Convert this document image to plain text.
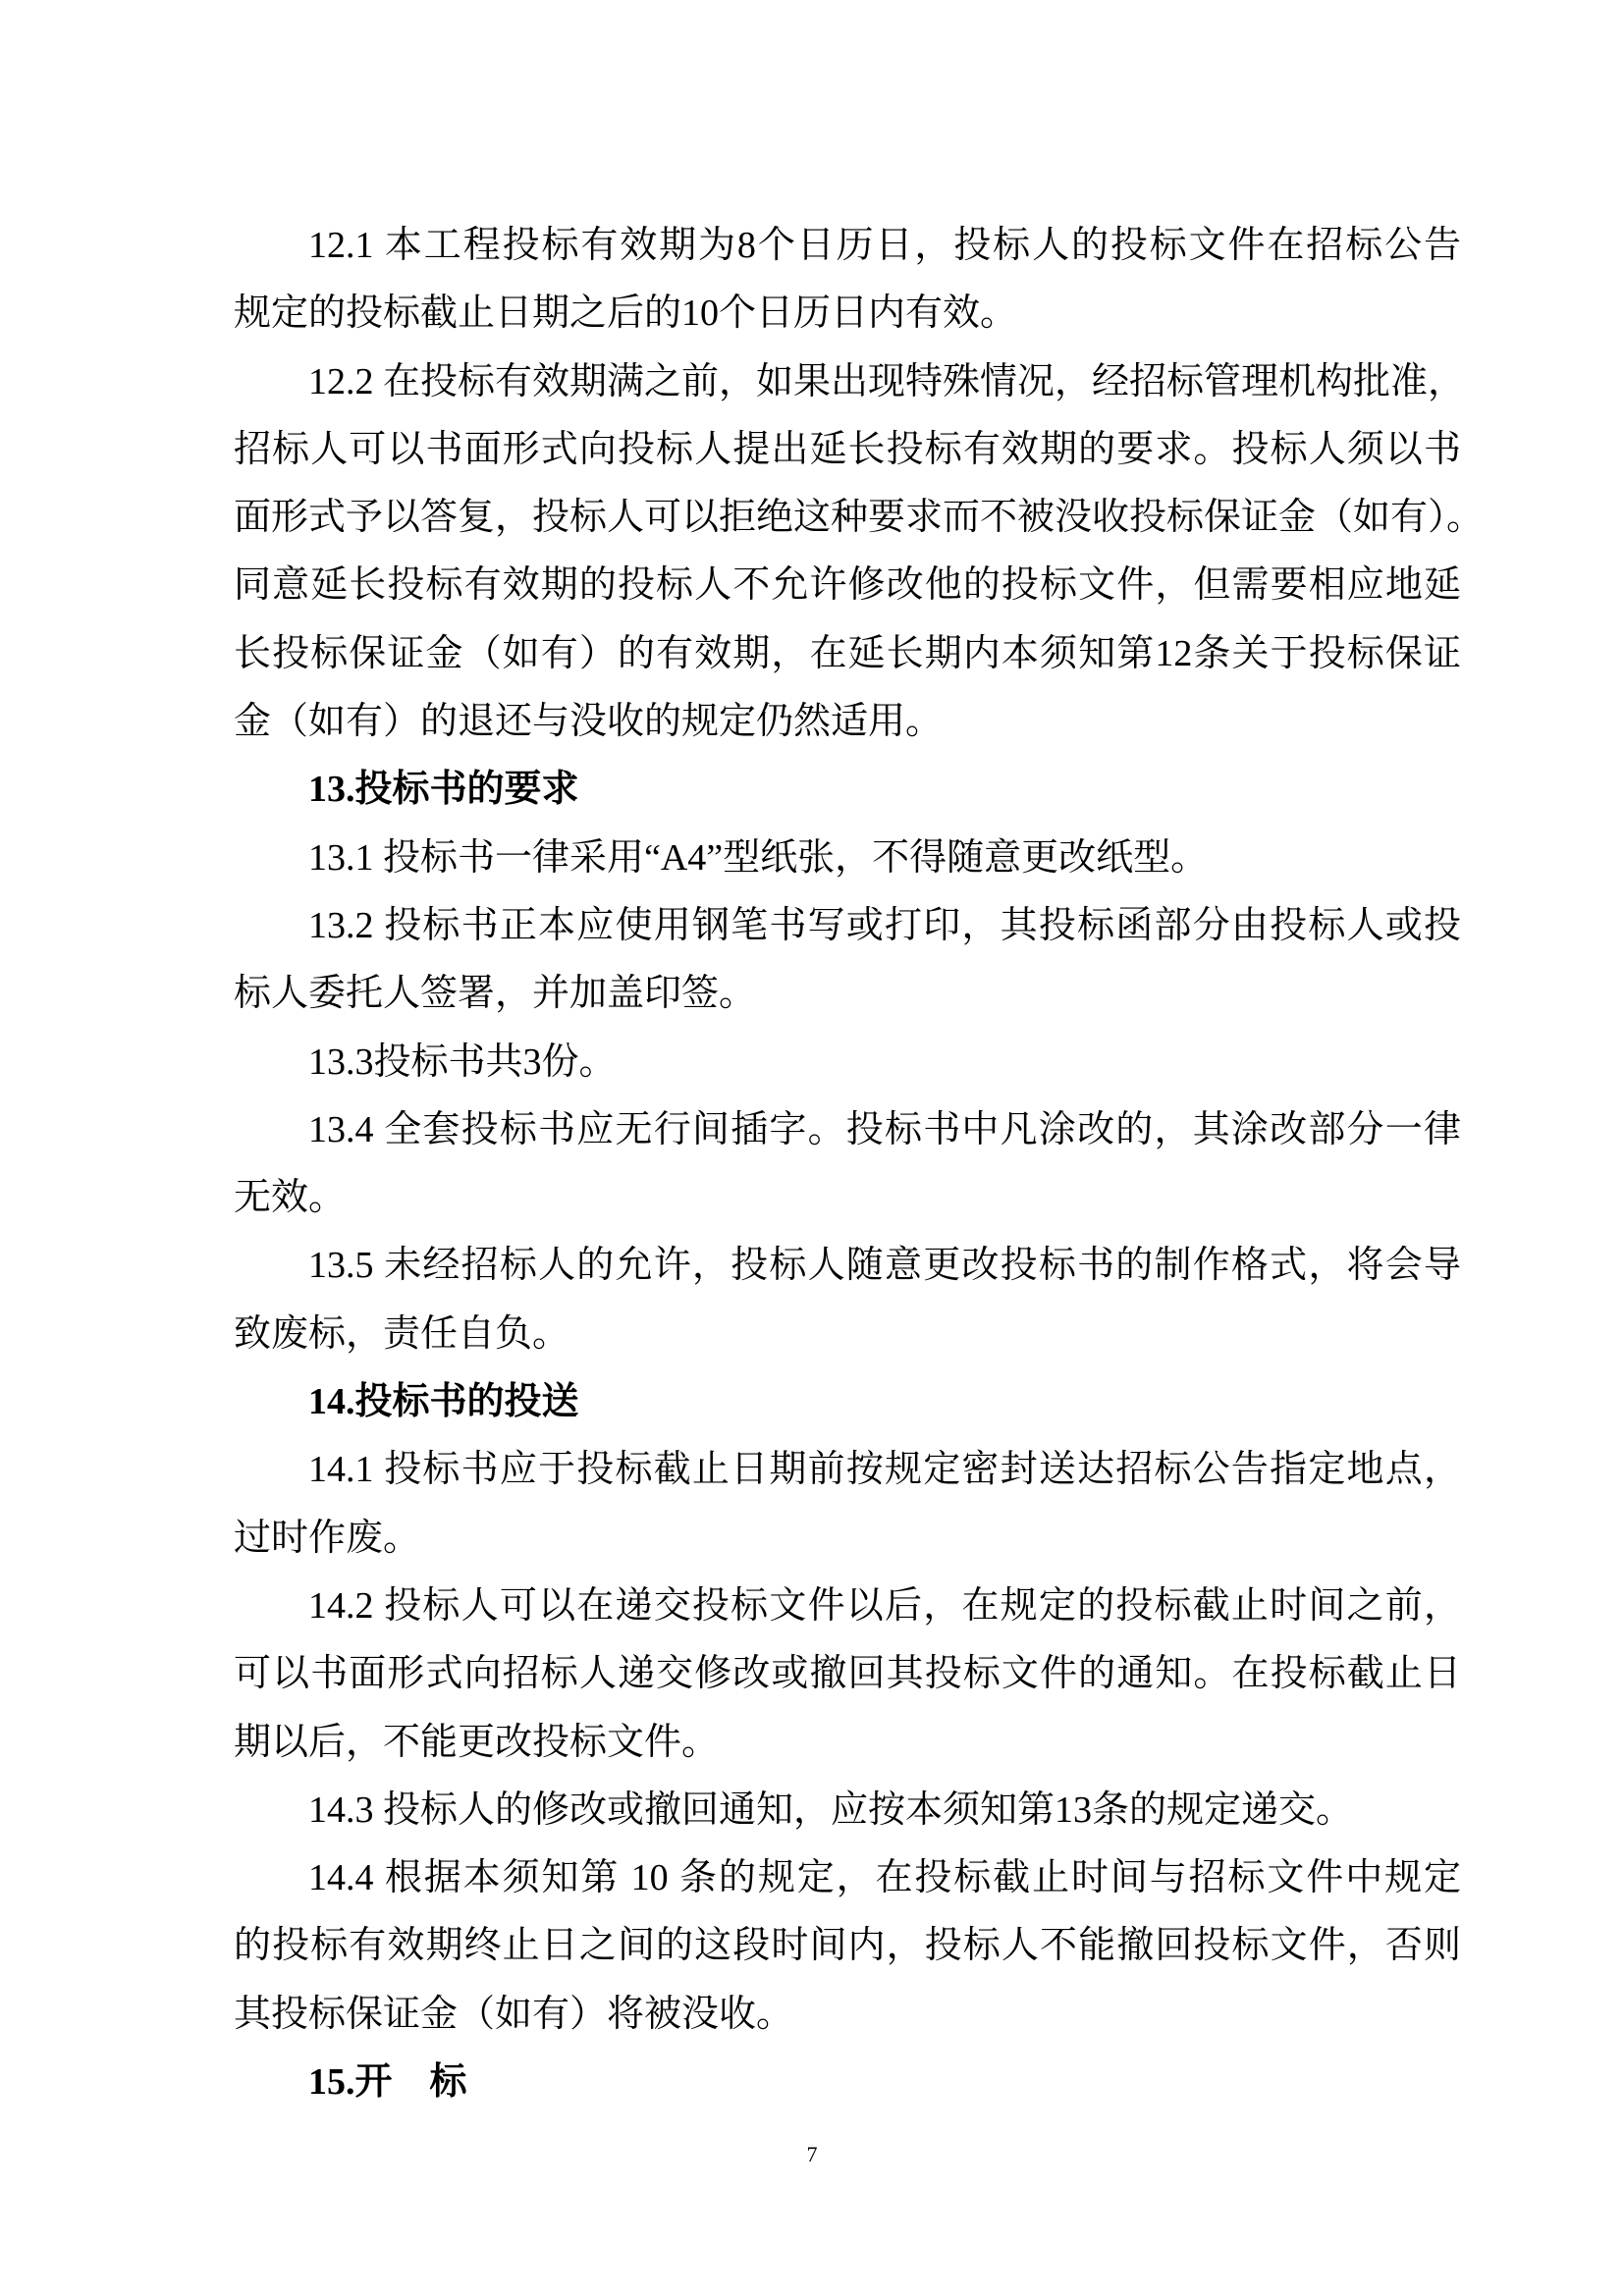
12.1 本工程投标有效期为8个日历日，投标人的投标文件在招标公告
规定的投标截止日期之后的10个日历日内有效。
12.2 在投标有效期满之前，如果出现特殊情况，经招标管理机构批准，
招标人可以书面形式向投标人提出延长投标有效期的要求。投标人须以书
面形式予以答复，投标人可以拒绝这种要求而不被没收投标保证金（如有）。
同意延长投标有效期的投标人不允许修改他的投标文件，但需要相应地延
长投标保证金（如有）的有效期，在延长期内本须知第12条关于投标保证
金（如有）的退还与没收的规定仍然适用。
13.投标书的要求
13.1 投标书一律采用“A4”型纸张，不得随意更改纸型。
13.2 投标书正本应使用钢笔书写或打印，其投标函部分由投标人或投
标人委托人签署，并加盖印签。
13.3投标书共3份。
13.4 全套投标书应无行间插字。投标书中凡涂改的，其涂改部分一律
无效。
13.5 未经招标人的允许，投标人随意更改投标书的制作格式，将会导
致废标，责任自负。
14.投标书的投送
14.1 投标书应于投标截止日期前按规定密封送达招标公告指定地点，
过时作废。
14.2 投标人可以在递交投标文件以后，在规定的投标截止时间之前，
可以书面形式向招标人递交修改或撤回其投标文件的通知。在投标截止日
期以后，不能更改投标文件。
14.3 投标人的修改或撤回通知，应按本须知第13条的规定递交。
14.4 根据本须知第 10 条的规定，在投标截止时间与招标文件中规定
的投标有效期终止日之间的这段时间内，投标人不能撤回投标文件，否则
其投标保证金（如有）将被没收。
15.开　标
7
